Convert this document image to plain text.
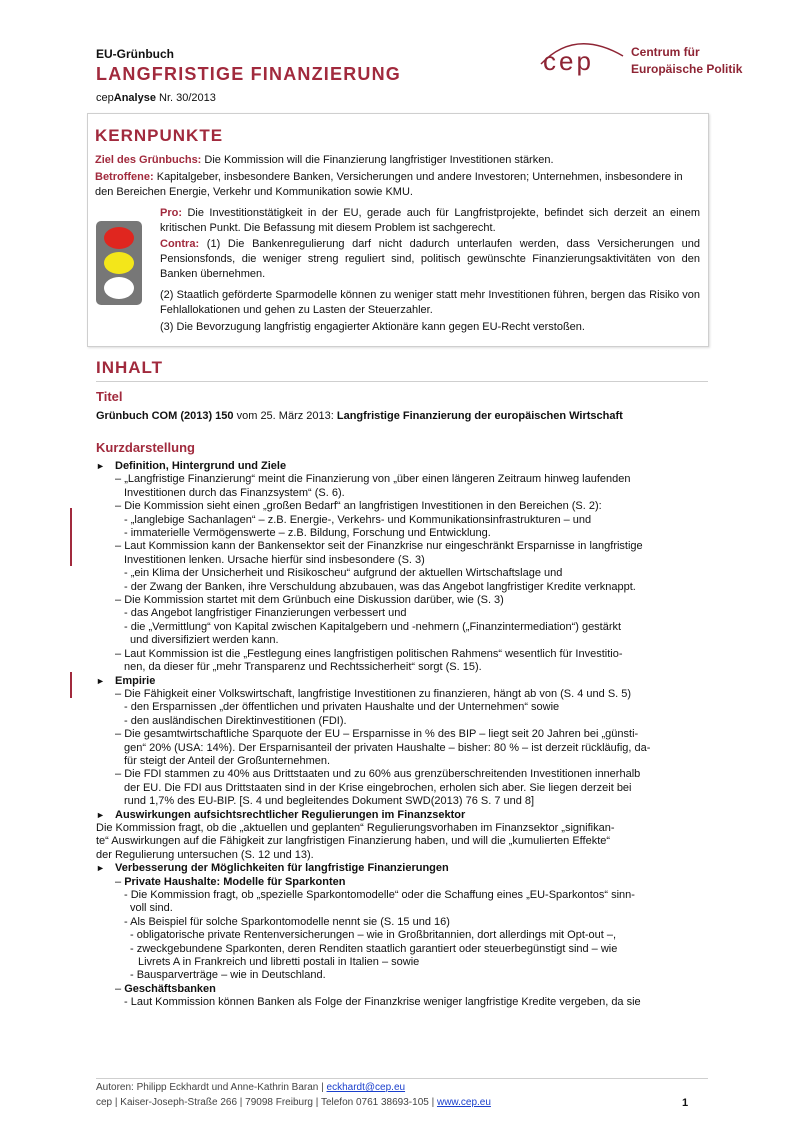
EU-Grünbuch
LANGFRISTIGE FINANZIERUNG
cepAnalyse Nr. 30/2013
cep	Centrum für
Europäische Politik
KERNPUNKTE
Ziel des Grünbuchs: Die Kommission will die Finanzierung langfristiger Investitionen stärken.
Betroffene: Kapitalgeber, insbesondere Banken, Versicherungen und andere Investoren; Unternehmen, insbesondere in den Bereichen Energie, Verkehr und Kommunikation sowie KMU.
Pro: Die Investitionstätigkeit in der EU, gerade auch für Langfristprojekte, befindet sich derzeit an einem kritischen Punkt. Die Befassung mit diesem Problem ist sachgerecht.
Contra: (1) Die Bankenregulierung darf nicht dadurch unterlaufen werden, dass Versicherungen und Pensionsfonds, die weniger streng reguliert sind, politisch gewünschte Finanzierungsaktivitäten von den Banken übernehmen.
(2) Staatlich geförderte Sparmodelle können zu weniger statt mehr Investitionen führen, bergen das Risiko von Fehlallokationen und gehen zu Lasten der Steuerzahler.
(3) Die Bevorzugung langfristig engagierter Aktionäre kann gegen EU-Recht verstoßen.
INHALT
Titel
Grünbuch COM (2013) 150 vom 25. März 2013: Langfristige Finanzierung der europäischen Wirtschaft
Kurzdarstellung
► Definition, Hintergrund und Ziele
– „Langfristige Finanzierung“ meint die Finanzierung von „über einen längeren Zeitraum hinweg laufenden
Investitionen durch das Finanzsystem“ (S. 6).
– Die Kommission sieht einen „großen Bedarf“ an langfristigen Investitionen in den Bereichen (S. 2):
- „langlebige Sachanlagen“ – z.B. Energie-, Verkehrs- und Kommunikationsinfrastrukturen – und
- immaterielle Vermögenswerte – z.B. Bildung, Forschung und Entwicklung.
– Laut Kommission kann der Bankensektor seit der Finanzkrise nur eingeschränkt Ersparnisse in langfristige
Investitionen lenken. Ursache hierfür sind insbesondere (S. 3)
- „ein Klima der Unsicherheit und Risikoscheu“ aufgrund der aktuellen Wirtschaftslage und
- der Zwang der Banken, ihre Verschuldung abzubauen, was das Angebot langfristiger Kredite verknappt.
– Die Kommission startet mit dem Grünbuch eine Diskussion darüber, wie (S. 3)
- das Angebot langfristiger Finanzierungen verbessert und
- die „Vermittlung“ von Kapital zwischen Kapitalgebern und -nehmern („Finanzintermediation“) gestärkt
und diversifiziert werden kann.
– Laut Kommission ist die „Festlegung eines langfristigen politischen Rahmens“ wesentlich für Investitio-
nen, da dieser für „mehr Transparenz und Rechtssicherheit“ sorgt (S. 15).
► Empirie
– Die Fähigkeit einer Volkswirtschaft, langfristige Investitionen zu finanzieren, hängt ab von (S. 4 und S. 5)
- den Ersparnissen „der öffentlichen und privaten Haushalte und der Unternehmen“ sowie
- den ausländischen Direktinvestitionen (FDI).
– Die gesamtwirtschaftliche Sparquote der EU – Ersparnisse in % des BIP – liegt seit 20 Jahren bei „günsti-
gen“ 20% (USA: 14%). Der Ersparnisanteil der privaten Haushalte – bisher: 80 % – ist derzeit rückläufig, da-
für steigt der Anteil der Großunternehmen.
– Die FDI stammen zu 40% aus Drittstaaten und zu 60% aus grenzüberschreitenden Investitionen innerhalb
der EU. Die FDI aus Drittstaaten sind in der Krise eingebrochen, erholen sich aber. Sie liegen derzeit bei
rund 1,7% des EU-BIP. [S. 4 und begleitendes Dokument SWD(2013) 76 S. 7 und 8]
► Auswirkungen aufsichtsrechtlicher Regulierungen im Finanzsektor
Die Kommission fragt, ob die „aktuellen und geplanten“ Regulierungsvorhaben im Finanzsektor „signifikan-
te“ Auswirkungen auf die Fähigkeit zur langfristigen Finanzierung haben, und will die „kumulierten Effekte“
der Regulierung untersuchen (S. 12 und 13).
► Verbesserung der Möglichkeiten für langfristige Finanzierungen
– Private Haushalte: Modelle für Sparkonten
- Die Kommission fragt, ob „spezielle Sparkontomodelle“ oder die Schaffung eines „EU-Sparkontos“ sinn-
voll sind.
- Als Beispiel für solche Sparkontomodelle nennt sie (S. 15 und 16)
- obligatorische private Rentenversicherungen – wie in Großbritannien, dort allerdings mit Opt-out –,
- zweckgebundene Sparkonten, deren Renditen staatlich garantiert oder steuerbegünstigt sind – wie
Livrets A in Frankreich und libretti postali in Italien – sowie
- Bausparverträge – wie in Deutschland.
– Geschäftsbanken
- Laut Kommission können Banken als Folge der Finanzkrise weniger langfristige Kredite vergeben, da sie
Autoren: Philipp Eckhardt und Anne-Kathrin Baran | eckhardt@cep.eu
cep | Kaiser-Joseph-Straße 266 | 79098 Freiburg | Telefon 0761 38693-105 | www.cep.eu	1
